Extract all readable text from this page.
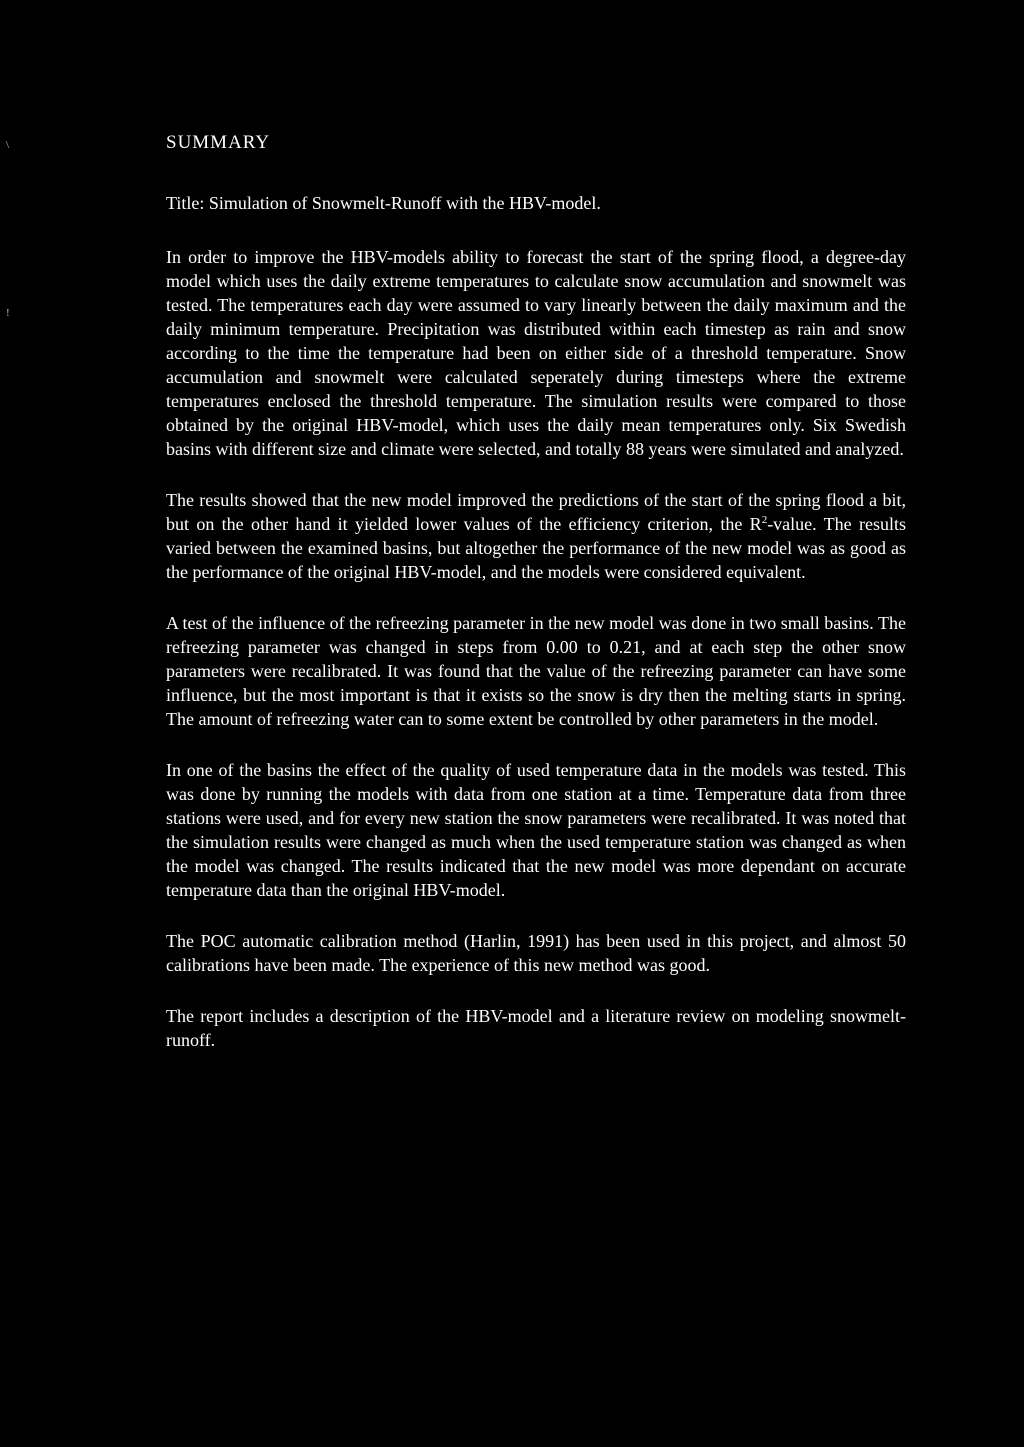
\
!
SUMMARY
Title: Simulation of Snowmelt-Runoff with the HBV-model.

In order to improve the HBV-models ability to forecast the start of the spring flood, a degree-day model which uses the daily extreme temperatures to calculate snow accumulation and snowmelt was tested. The temperatures each day were assumed to vary linearly between the daily maximum and the daily minimum temperature. Precipitation was distributed within each timestep as rain and snow according to the time the temperature had been on either side of a threshold temperature. Snow accumulation and snowmelt were calculated seperately during timesteps where the extreme temperatures enclosed the threshold temperature. The simulation results were compared to those obtained by the original HBV-model, which uses the daily mean temperatures only. Six Swedish basins with different size and climate were selected, and totally 88 years were simulated and analyzed.

The results showed that the new model improved the predictions of the start of the spring flood a bit, but on the other hand it yielded lower values of the efficiency criterion, the $R^2$-value. The results varied between the examined basins, but altogether the performance of the new model was as good as the performance of the original HBV-model, and the models were considered equivalent.

A test of the influence of the refreezing parameter in the new model was done in two small basins. The refreezing parameter was changed in steps from 0.00 to 0.21, and at each step the other snow parameters were recalibrated. It was found that the value of the refreezing parameter can have some influence, but the most important is that it exists so the snow is dry then the melting starts in spring. The amount of refreezing water can to some extent be controlled by other parameters in the model.

In one of the basins the effect of the quality of used temperature data in the models was tested. This was done by running the models with data from one station at a time. Temperature data from three stations were used, and for every new station the snow parameters were recalibrated. It was noted that the simulation results were changed as much when the used temperature station was changed as when the model was changed. The results indicated that the new model was more dependant on accurate temperature data than the original HBV-model.

The POC automatic calibration method (Harlin, 1991) has been used in this project, and almost 50 calibrations have been made. The experience of this new method was good.

The report includes a description of the HBV-model and a literature review on modeling snowmelt-runoff.
